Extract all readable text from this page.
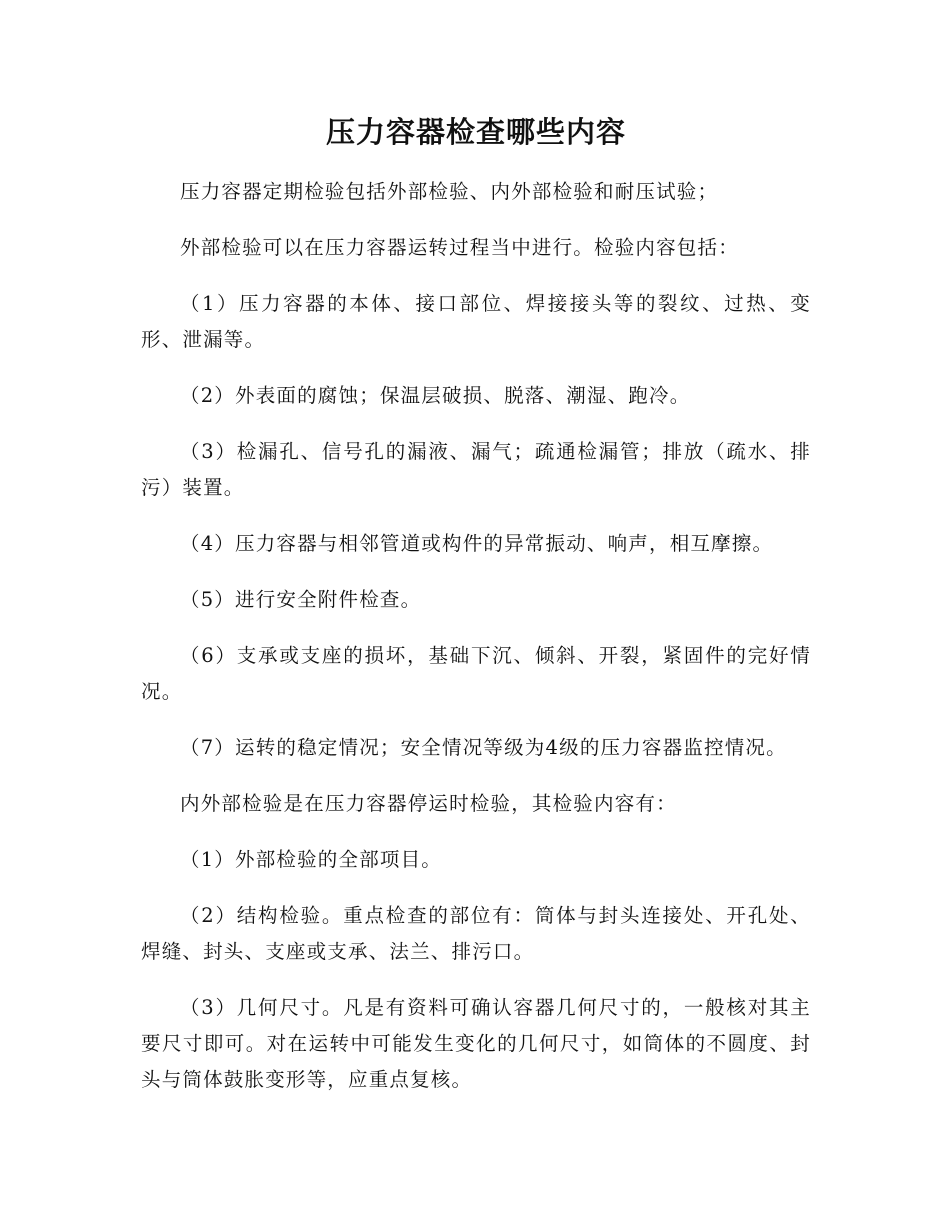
压力容器检查哪些内容

压力容器定期检验包括外部检验、内外部检验和耐压试验；

外部检验可以在压力容器运转过程当中进行。检验内容包括：

（1）压力容器的本体、接口部位、焊接接头等的裂纹、过热、变形、泄漏等。

（2）外表面的腐蚀；保温层破损、脱落、潮湿、跑冷。

（3）检漏孔、信号孔的漏液、漏气；疏通检漏管；排放（疏水、排污）装置。

（4）压力容器与相邻管道或构件的异常振动、响声，相互摩擦。

（5）进行安全附件检查。

（6）支承或支座的损坏，基础下沉、倾斜、开裂，紧固件的完好情况。

（7）运转的稳定情况；安全情况等级为4级的压力容器监控情况。

内外部检验是在压力容器停运时检验，其检验内容有：

（1）外部检验的全部项目。

（2）结构检验。重点检查的部位有：筒体与封头连接处、开孔处、焊缝、封头、支座或支承、法兰、排污口。

（3）几何尺寸。凡是有资料可确认容器几何尺寸的，一般核对其主要尺寸即可。对在运转中可能发生变化的几何尺寸，如筒体的不圆度、封头与筒体鼓胀变形等，应重点复核。
